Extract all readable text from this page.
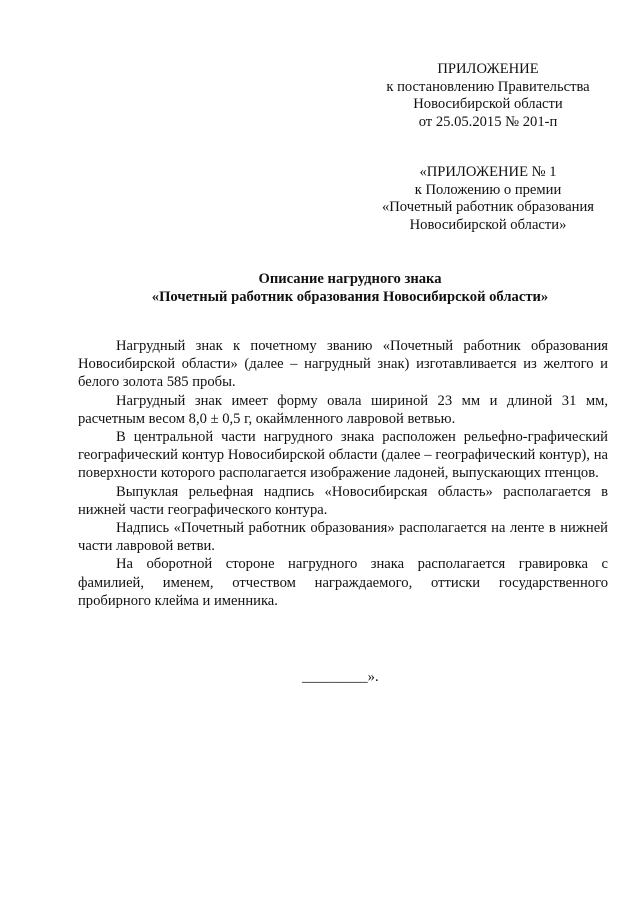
ПРИЛОЖЕНИЕ
к постановлению Правительства
Новосибирской области
от 25.05.2015 № 201-п
«ПРИЛОЖЕНИЕ № 1
к Положению о премии
«Почетный работник образования
Новосибирской области»
Описание нагрудного знака
«Почетный работник образования Новосибирской области»

Нагрудный знак к почетному званию «Почетный работник образования Новосибирской области» (далее – нагрудный знак) изготавливается из желтого и белого золота 585 пробы.

Нагрудный знак имеет форму овала шириной 23 мм и длиной 31 мм, расчетным весом 8,0 ± 0,5 г, окаймленного лавровой ветвью.

В центральной части нагрудного знака расположен рельефно-графический географический контур Новосибирской области (далее – географический контур), на поверхности которого располагается изображение ладоней, выпускающих птенцов.

Выпуклая рельефная надпись «Новосибирская область» располагается в нижней части географического контура.

Надпись «Почетный работник образования» располагается на ленте в нижней части лавровой ветви.

На оборотной стороне нагрудного знака располагается гравировка с фамилией, именем, отчеством награждаемого, оттиски государственного пробирного клейма и именника.

_________».
